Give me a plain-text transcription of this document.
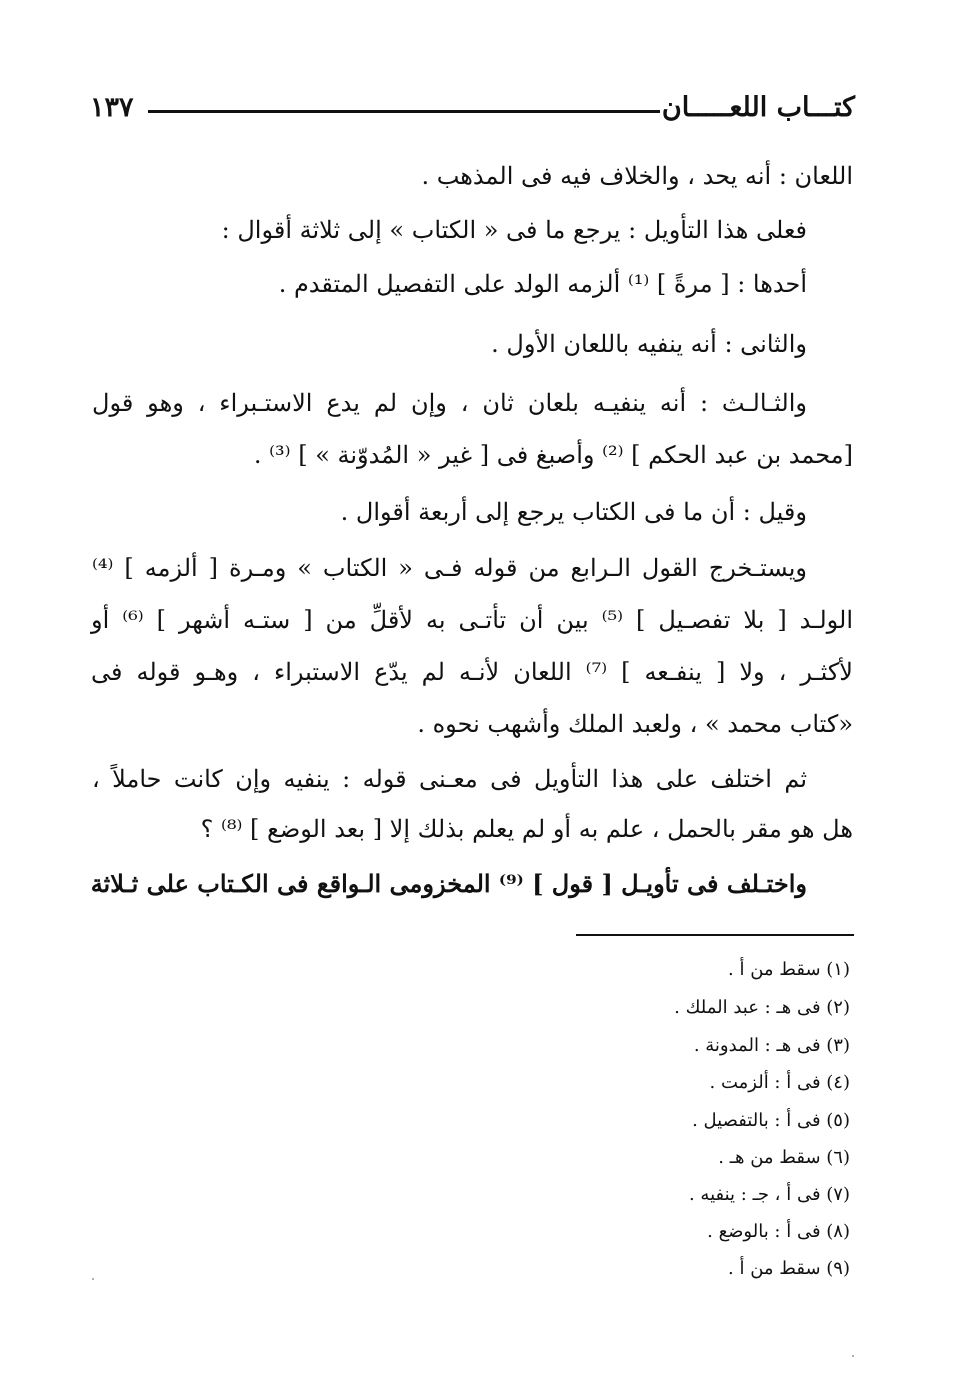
كتـــاب اللعـــــان
١٣٧
اللعان : أنه يحد ، والخلاف فيه فى المذهب .
فعلى هذا التأويل : يرجع ما فى « الكتاب » إلى ثلاثة أقوال :
أحدها : [ مرةً ] ⁽¹⁾ ألزمه الولد على التفصيل المتقدم .
والثانى : أنه ينفيه باللعان الأول .
والثـالـث : أنه ينفيـه بلعان ثان ، وإن لم يدع الاستـبراء ، وهو قول
[محمد بن عبد الحكم ] ⁽²⁾ وأصبغ فى [ غير « المُدوّنة » ] ⁽³⁾ .
وقيل : أن ما فى الكتاب يرجع إلى أربعة أقوال .
ويستـخرج القول الـرابع من قوله فـى « الكتاب » ومـرة [ ألزمه ] ⁽⁴⁾
الولـد [ بلا تفصـيل ] ⁽⁵⁾ بين أن تأتـى به لأقلِّ من [ ستـه أشهر ] ⁽⁶⁾ أو
لأكثـر ، ولا [ ينفـعه ] ⁽⁷⁾ اللعان لأنـه لم يدّع الاستبراء ، وهـو قوله فى
«كتاب محمد » ، ولعبد الملك وأشهب نحوه .
ثم اختلف على هذا التأويل فى معـنى قوله : ينفيه وإن كانت حاملاً ،
هل هو مقر بالحمل ، علم به أو لم يعلم بذلك إلا [ بعد الوضع ] ⁽⁸⁾ ؟
واختـلف فى تأويـل [ قول ] ⁽⁹⁾ المخزومى الـواقع فى الكـتاب على ثـلاثة
(١) سقط من أ .
(٢) فى هـ : عبد الملك .
(٣) فى هـ : المدونة .
(٤) فى أ : ألزمت .
(٥) فى أ : بالتفصيل .
(٦) سقط من هـ .
(٧) فى أ ، جـ : ينفيه .
(٨) فى أ : بالوضع .
(٩) سقط من أ .
